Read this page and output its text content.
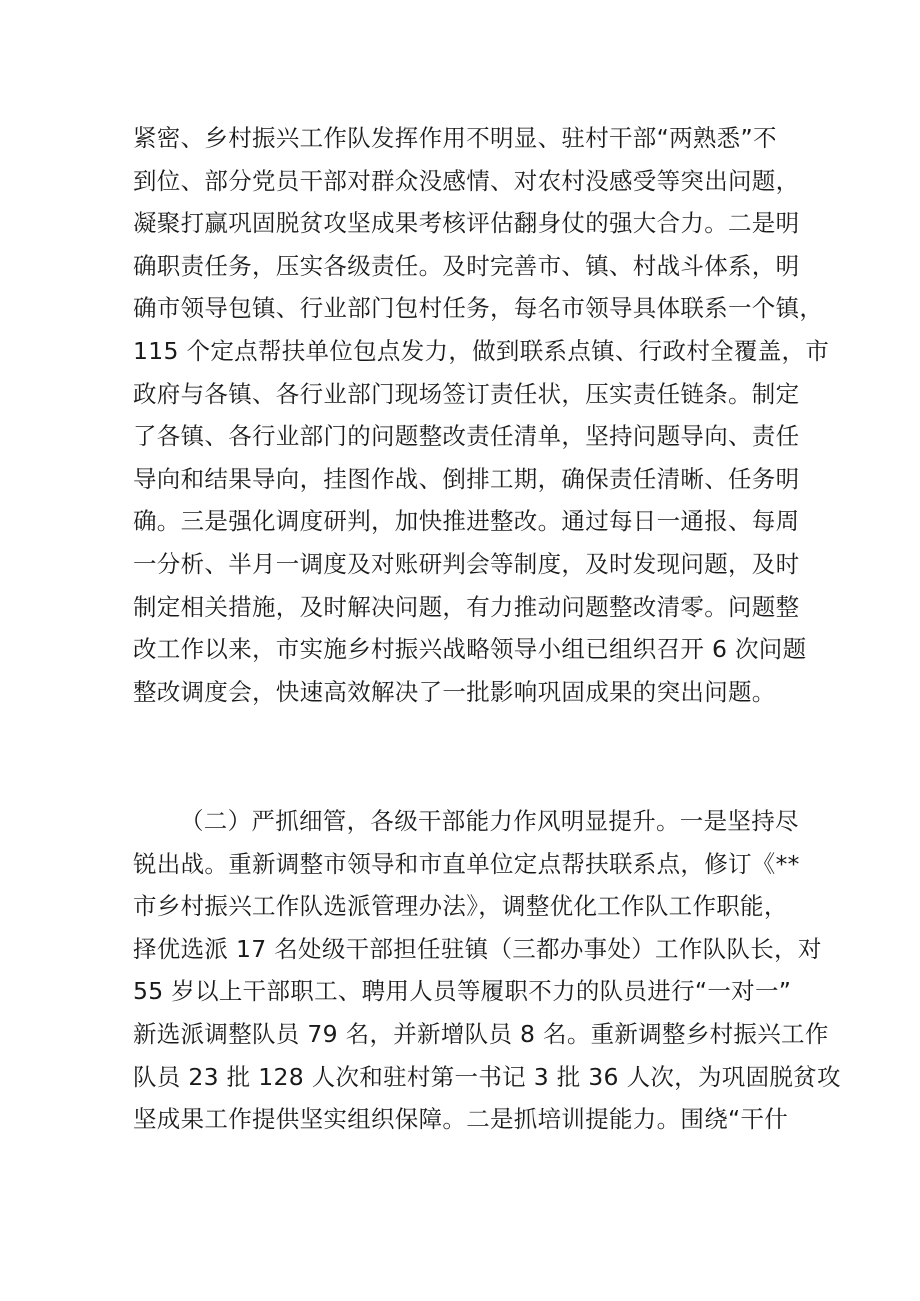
紧密、乡村振兴工作队发挥作用不明显、驻村干部“两熟悉”不
到位、部分党员干部对群众没感情、对农村没感受等突出问题，
凝聚打赢巩固脱贫攻坚成果考核评估翻身仗的强大合力。二是明
确职责任务，压实各级责任。及时完善市、镇、村战斗体系，明
确市领导包镇、行业部门包村任务，每名市领导具体联系一个镇，
115 个定点帮扶单位包点发力，做到联系点镇、行政村全覆盖，市
政府与各镇、各行业部门现场签订责任状，压实责任链条。制定
了各镇、各行业部门的问题整改责任清单，坚持问题导向、责任
导向和结果导向，挂图作战、倒排工期，确保责任清晰、任务明
确。三是强化调度研判，加快推进整改。通过每日一通报、每周
一分析、半月一调度及对账研判会等制度，及时发现问题，及时
制定相关措施，及时解决问题，有力推动问题整改清零。问题整
改工作以来，市实施乡村振兴战略领导小组已组织召开 6 次问题
整改调度会，快速高效解决了一批影响巩固成果的突出问题。
（二）严抓细管，各级干部能力作风明显提升。一是坚持尽
锐出战。重新调整市领导和市直单位定点帮扶联系点，修订《**
市乡村振兴工作队选派管理办法》，调整优化工作队工作职能，
择优选派 17 名处级干部担任驻镇（三都办事处）工作队队长，对
55 岁以上干部职工、聘用人员等履职不力的队员进行“一对一”
新选派调整队员 79 名，并新增队员 8 名。重新调整乡村振兴工作
队员 23 批 128 人次和驻村第一书记 3 批 36 人次，为巩固脱贫攻
坚成果工作提供坚实组织保障。二是抓培训提能力。围绕“干什
